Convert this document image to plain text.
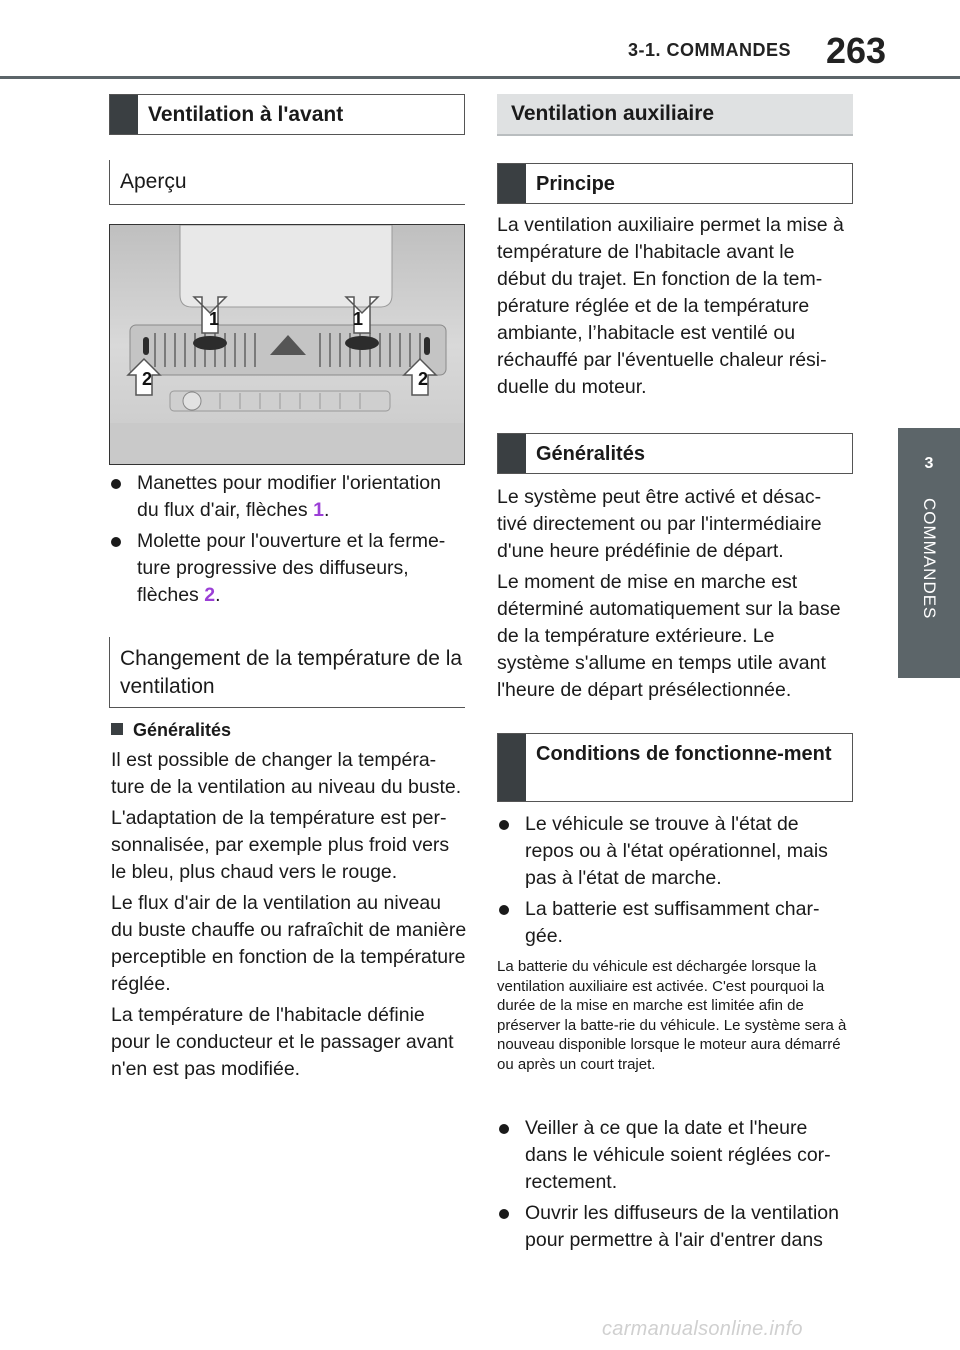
3-1. COMMANDES 263
3
COMMANDES
Ventilation à l'avant
Aperçu
1	1
2	2
Manettes pour modifier l'orientation du flux d'air, flèches 1.
Molette pour l'ouverture et la ferme-ture progressive des diffuseurs, flèches 2.
Changement de la température de la ventilation
Généralités

Il est possible de changer la tempéra-ture de la ventilation au niveau du buste.

L'adaptation de la température est per-sonnalisée, par exemple plus froid vers le bleu, plus chaud vers le rouge.

Le flux d'air de la ventilation au niveau du buste chauffe ou rafraîchit de manière perceptible en fonction de la température réglée.

La température de l'habitacle définie pour le conducteur et le passager avant n'en est pas modifiée.

Ventilation auxiliaire
Principe

La ventilation auxiliaire permet la mise à température de l'habitacle avant le début du trajet. En fonction de la tem-pérature réglée et de la température ambiante, l’habitacle est ventilé ou réchauffé par l'éventuelle chaleur rési-duelle du moteur.

Généralités

Le système peut être activé et désac-tivé directement ou par l'intermédiaire d'une heure prédéfinie de départ.

Le moment de mise en marche est déterminé automatiquement sur la base de la température extérieure. Le système s'allume en temps utile avant l'heure de départ présélectionnée.

Conditions de fonctionne-ment
Le véhicule se trouve à l'état de repos ou à l'état opérationnel, mais pas à l'état de marche.
La batterie est suffisamment char-gée.
La batterie du véhicule est déchargée lorsque la ventilation auxiliaire est activée. C'est pourquoi la durée de la mise en marche est limitée afin de préserver la batte-rie du véhicule. Le système sera à nouveau disponible lorsque le moteur aura démarré ou après un court trajet.
Veiller à ce que la date et l'heure dans le véhicule soient réglées cor-rectement.
Ouvrir les diffuseurs de la ventilation pour permettre à l'air d'entrer dans
carmanualsonline.info
